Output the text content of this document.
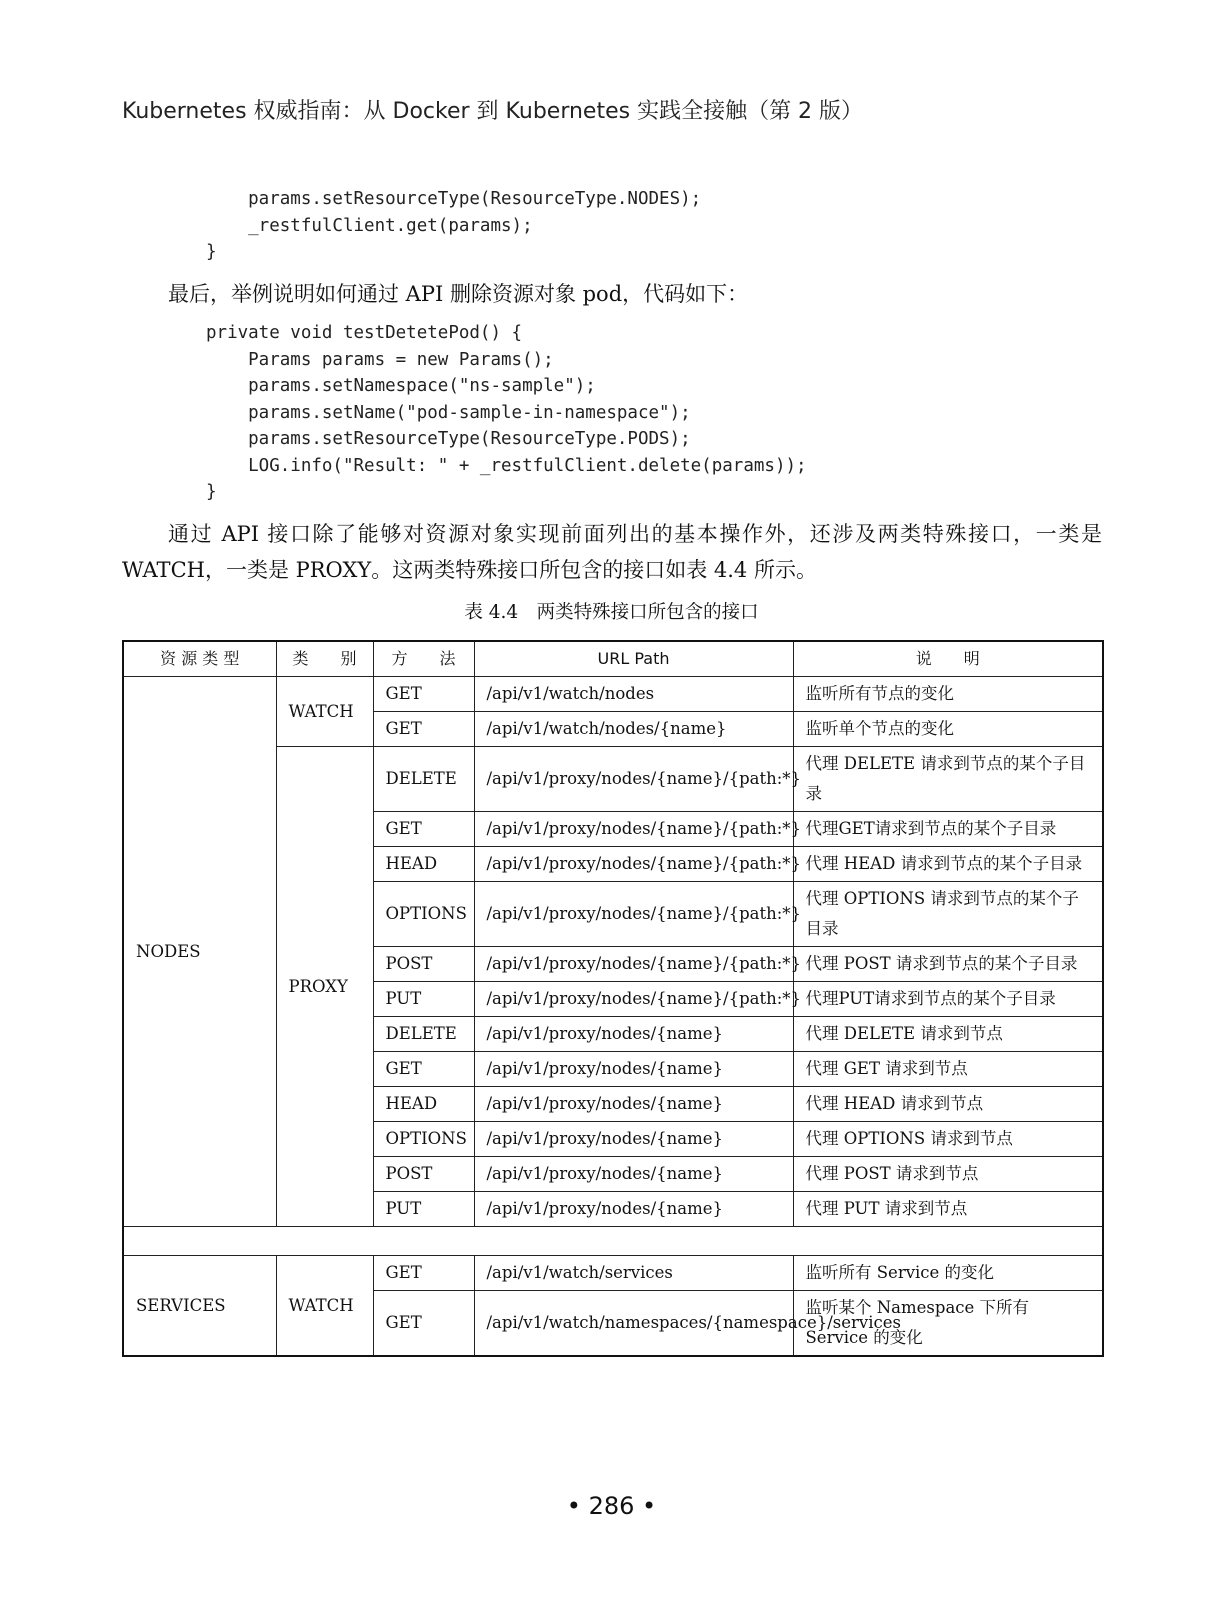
Kubernetes 权威指南：从 Docker 到 Kubernetes 实践全接触（第 2 版）
params.setResourceType(ResourceType.NODES);
_restfulClient.get(params);
}

最后，举例说明如何通过 API 删除资源对象 pod，代码如下：

private void testDetetePod() {
Params params = new Params();
params.setNamespace("ns-sample");
params.setName("pod-sample-in-namespace");
params.setResourceType(ResourceType.PODS);
LOG.info("Result: " + _restfulClient.delete(params));
}

通过 API 接口除了能够对资源对象实现前面列出的基本操作外，还涉及两类特殊接口，一类是 WATCH，一类是 PROXY。这两类特殊接口所包含的接口如表 4.4 所示。

表 4.4　两类特殊接口所包含的接口
资 源 类 型	类　　别	方　　法	URL Path	说　　明
NODES	WATCH	GET	/api/v1/watch/nodes	监听所有节点的变化
		GET	/api/v1/watch/nodes/{name}	监听单个节点的变化
	PROXY	DELETE	/api/v1/proxy/nodes/{name}/{path:*}	代理 DELETE 请求到节点的某个子目录
		GET	/api/v1/proxy/nodes/{name}/{path:*}	代理GET请求到节点的某个子目录
		HEAD	/api/v1/proxy/nodes/{name}/{path:*}	代理 HEAD 请求到节点的某个子目录
		OPTIONS	/api/v1/proxy/nodes/{name}/{path:*}	代理 OPTIONS 请求到节点的某个子目录
		POST	/api/v1/proxy/nodes/{name}/{path:*}	代理 POST 请求到节点的某个子目录
		PUT	/api/v1/proxy/nodes/{name}/{path:*}	代理PUT请求到节点的某个子目录
		DELETE	/api/v1/proxy/nodes/{name}	代理 DELETE 请求到节点
		GET	/api/v1/proxy/nodes/{name}	代理 GET 请求到节点
		HEAD	/api/v1/proxy/nodes/{name}	代理 HEAD 请求到节点
		OPTIONS	/api/v1/proxy/nodes/{name}	代理 OPTIONS 请求到节点
		POST	/api/v1/proxy/nodes/{name}	代理 POST 请求到节点
		PUT	/api/v1/proxy/nodes/{name}	代理 PUT 请求到节点

SERVICES	WATCH	GET	/api/v1/watch/services	监听所有 Service 的变化
		GET	/api/v1/watch/namespaces/{namespace}/services	监听某个 Namespace 下所有 Service 的变化
• 286 •
